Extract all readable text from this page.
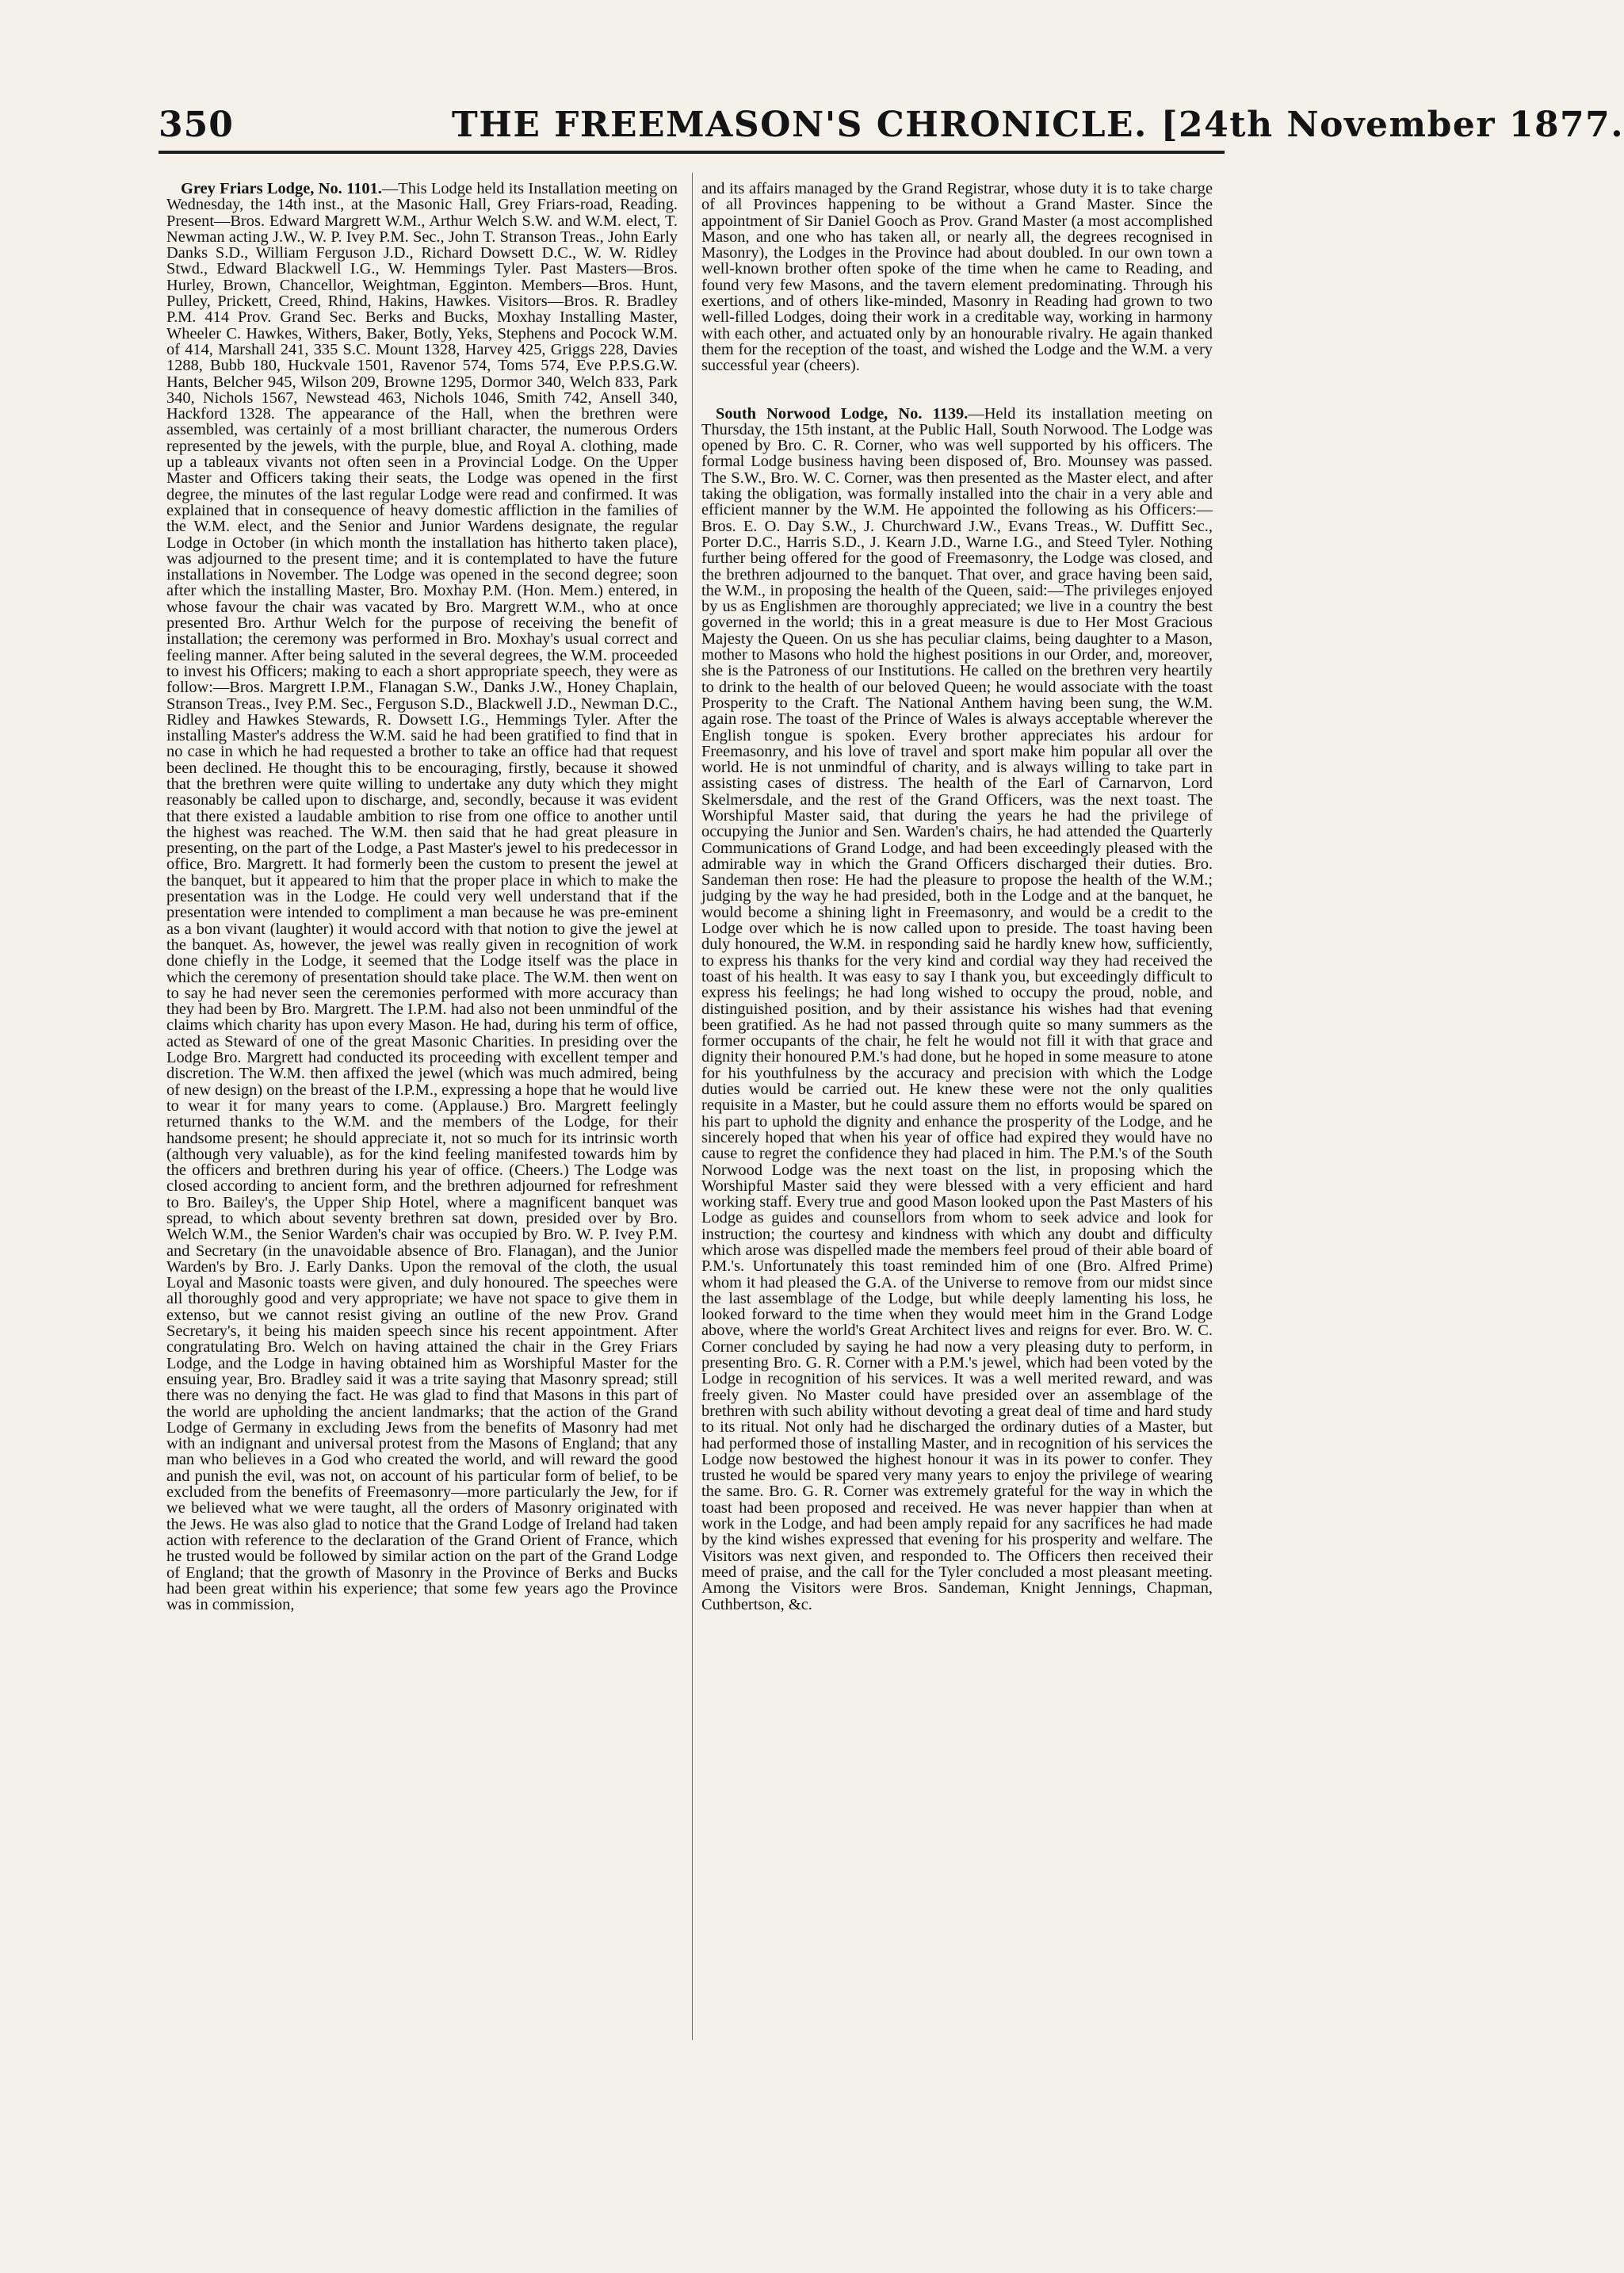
350	THE FREEMASON'S CHRONICLE. [24th November 1877.

Grey Friars Lodge, No. 1101.—This Lodge held its Installation meeting on Wednesday, the 14th inst., at the Masonic Hall, Grey Friars-road, Reading. Present—Bros. Edward Margrett W.M., Arthur Welch S.W. and W.M. elect, T. Newman acting J.W., W. P. Ivey P.M. Sec., John T. Stranson Treas., John Early Danks S.D., William Ferguson J.D., Richard Dowsett D.C., W. W. Ridley Stwd., Edward Blackwell I.G., W. Hemmings Tyler. Past Masters—Bros. Hurley, Brown, Chancellor, Weightman, Egginton. Members—Bros. Hunt, Pulley, Prickett, Creed, Rhind, Hakins, Hawkes. Visitors—Bros. R. Bradley P.M. 414 Prov. Grand Sec. Berks and Bucks, Moxhay Installing Master, Wheeler C. Hawkes, Withers, Baker, Botly, Yeks, Stephens and Pocock W.M. of 414, Marshall 241, 335 S.C. Mount 1328, Harvey 425, Griggs 228, Davies 1288, Bubb 180, Huckvale 1501, Ravenor 574, Toms 574, Eve P.P.S.G.W. Hants, Belcher 945, Wilson 209, Browne 1295, Dormor 340, Welch 833, Park 340, Nichols 1567, Newstead 463, Nichols 1046, Smith 742, Ansell 340, Hackford 1328. The appearance of the Hall, when the brethren were assembled, was certainly of a most brilliant character, the numerous Orders represented by the jewels, with the purple, blue, and Royal A. clothing, made up a tableaux vivants not often seen in a Provincial Lodge. On the Upper Master and Officers taking their seats, the Lodge was opened in the first degree, the minutes of the last regular Lodge were read and confirmed. It was explained that in consequence of heavy domestic affliction in the families of the W.M. elect, and the Senior and Junior Wardens designate, the regular Lodge in October (in which month the installation has hitherto taken place), was adjourned to the present time; and it is contemplated to have the future installations in November. The Lodge was opened in the second degree; soon after which the installing Master, Bro. Moxhay P.M. (Hon. Mem.) entered, in whose favour the chair was vacated by Bro. Margrett W.M., who at once presented Bro. Arthur Welch for the purpose of receiving the benefit of installation; the ceremony was performed in Bro. Moxhay's usual correct and feeling manner. After being saluted in the several degrees, the W.M. proceeded to invest his Officers; making to each a short appropriate speech, they were as follow:—Bros. Margrett I.P.M., Flanagan S.W., Danks J.W., Honey Chaplain, Stranson Treas., Ivey P.M. Sec., Ferguson S.D., Blackwell J.D., Newman D.C., Ridley and Hawkes Stewards, R. Dowsett I.G., Hemmings Tyler. After the installing Master's address the W.M. said he had been gratified to find that in no case in which he had requested a brother to take an office had that request been declined. He thought this to be encouraging, firstly, because it showed that the brethren were quite willing to undertake any duty which they might reasonably be called upon to discharge, and, secondly, because it was evident that there existed a laudable ambition to rise from one office to another until the highest was reached. The W.M. then said that he had great pleasure in presenting, on the part of the Lodge, a Past Master's jewel to his predecessor in office, Bro. Margrett. It had formerly been the custom to present the jewel at the banquet, but it appeared to him that the proper place in which to make the presentation was in the Lodge. He could very well understand that if the presentation were intended to compliment a man because he was pre-eminent as a bon vivant (laughter) it would accord with that notion to give the jewel at the banquet. As, however, the jewel was really given in recognition of work done chiefly in the Lodge, it seemed that the Lodge itself was the place in which the ceremony of presentation should take place. The W.M. then went on to say he had never seen the ceremonies performed with more accuracy than they had been by Bro. Margrett. The I.P.M. had also not been unmindful of the claims which charity has upon every Mason. He had, during his term of office, acted as Steward of one of the great Masonic Charities. In presiding over the Lodge Bro. Margrett had conducted its proceeding with excellent temper and discretion. The W.M. then affixed the jewel (which was much admired, being of new design) on the breast of the I.P.M., expressing a hope that he would live to wear it for many years to come. (Applause.) Bro. Margrett feelingly returned thanks to the W.M. and the members of the Lodge, for their handsome present; he should appreciate it, not so much for its intrinsic worth (although very valuable), as for the kind feeling manifested towards him by the officers and brethren during his year of office. (Cheers.) The Lodge was closed according to ancient form, and the brethren adjourned for refreshment to Bro. Bailey's, the Upper Ship Hotel, where a magnificent banquet was spread, to which about seventy brethren sat down, presided over by Bro. Welch W.M., the Senior Warden's chair was occupied by Bro. W. P. Ivey P.M. and Secretary (in the unavoidable absence of Bro. Flanagan), and the Junior Warden's by Bro. J. Early Danks. Upon the removal of the cloth, the usual Loyal and Masonic toasts were given, and duly honoured. The speeches were all thoroughly good and very appropriate; we have not space to give them in extenso, but we cannot resist giving an outline of the new Prov. Grand Secretary's, it being his maiden speech since his recent appointment. After congratulating Bro. Welch on having attained the chair in the Grey Friars Lodge, and the Lodge in having obtained him as Worshipful Master for the ensuing year, Bro. Bradley said it was a trite saying that Masonry spread; still there was no denying the fact. He was glad to find that Masons in this part of the world are upholding the ancient landmarks; that the action of the Grand Lodge of Germany in excluding Jews from the benefits of Masonry had met with an indignant and universal protest from the Masons of England; that any man who believes in a God who created the world, and will reward the good and punish the evil, was not, on account of his particular form of belief, to be excluded from the benefits of Freemasonry—more particularly the Jew, for if we believed what we were taught, all the orders of Masonry originated with the Jews. He was also glad to notice that the Grand Lodge of Ireland had taken action with reference to the declaration of the Grand Orient of France, which he trusted would be followed by similar action on the part of the Grand Lodge of England; that the growth of Masonry in the Province of Berks and Bucks had been great within his experience; that some few years ago the Province was in commission,

and its affairs managed by the Grand Registrar, whose duty it is to take charge of all Provinces happening to be without a Grand Master. Since the appointment of Sir Daniel Gooch as Prov. Grand Master (a most accomplished Mason, and one who has taken all, or nearly all, the degrees recognised in Masonry), the Lodges in the Province had about doubled. In our own town a well-known brother often spoke of the time when he came to Reading, and found very few Masons, and the tavern element predominating. Through his exertions, and of others like-minded, Masonry in Reading had grown to two well-filled Lodges, doing their work in a creditable way, working in harmony with each other, and actuated only by an honourable rivalry. He again thanked them for the reception of the toast, and wished the Lodge and the W.M. a very successful year (cheers).

South Norwood Lodge, No. 1139.—Held its installation meeting on Thursday, the 15th instant, at the Public Hall, South Norwood. The Lodge was opened by Bro. C. R. Corner, who was well supported by his officers. The formal Lodge business having been disposed of, Bro. Mounsey was passed. The S.W., Bro. W. C. Corner, was then presented as the Master elect, and after taking the obligation, was formally installed into the chair in a very able and efficient manner by the W.M. He appointed the following as his Officers:—Bros. E. O. Day S.W., J. Churchward J.W., Evans Treas., W. Duffitt Sec., Porter D.C., Harris S.D., J. Kearn J.D., Warne I.G., and Steed Tyler. Nothing further being offered for the good of Freemasonry, the Lodge was closed, and the brethren adjourned to the banquet. That over, and grace having been said, the W.M., in proposing the health of the Queen, said:—The privileges enjoyed by us as Englishmen are thoroughly appreciated; we live in a country the best governed in the world; this in a great measure is due to Her Most Gracious Majesty the Queen. On us she has peculiar claims, being daughter to a Mason, mother to Masons who hold the highest positions in our Order, and, moreover, she is the Patroness of our Institutions. He called on the brethren very heartily to drink to the health of our beloved Queen; he would associate with the toast Prosperity to the Craft. The National Anthem having been sung, the W.M. again rose. The toast of the Prince of Wales is always acceptable wherever the English tongue is spoken. Every brother appreciates his ardour for Freemasonry, and his love of travel and sport make him popular all over the world. He is not unmindful of charity, and is always willing to take part in assisting cases of distress. The health of the Earl of Carnarvon, Lord Skelmersdale, and the rest of the Grand Officers, was the next toast. The Worshipful Master said, that during the years he had the privilege of occupying the Junior and Sen. Warden's chairs, he had attended the Quarterly Communications of Grand Lodge, and had been exceedingly pleased with the admirable way in which the Grand Officers discharged their duties. Bro. Sandeman then rose: He had the pleasure to propose the health of the W.M.; judging by the way he had presided, both in the Lodge and at the banquet, he would become a shining light in Freemasonry, and would be a credit to the Lodge over which he is now called upon to preside. The toast having been duly honoured, the W.M. in responding said he hardly knew how, sufficiently, to express his thanks for the very kind and cordial way they had received the toast of his health. It was easy to say I thank you, but exceedingly difficult to express his feelings; he had long wished to occupy the proud, noble, and distinguished position, and by their assistance his wishes had that evening been gratified. As he had not passed through quite so many summers as the former occupants of the chair, he felt he would not fill it with that grace and dignity their honoured P.M.'s had done, but he hoped in some measure to atone for his youthfulness by the accuracy and precision with which the Lodge duties would be carried out. He knew these were not the only qualities requisite in a Master, but he could assure them no efforts would be spared on his part to uphold the dignity and enhance the prosperity of the Lodge, and he sincerely hoped that when his year of office had expired they would have no cause to regret the confidence they had placed in him. The P.M.'s of the South Norwood Lodge was the next toast on the list, in proposing which the Worshipful Master said they were blessed with a very efficient and hard working staff. Every true and good Mason looked upon the Past Masters of his Lodge as guides and counsellors from whom to seek advice and look for instruction; the courtesy and kindness with which any doubt and difficulty which arose was dispelled made the members feel proud of their able board of P.M.'s. Unfortunately this toast reminded him of one (Bro. Alfred Prime) whom it had pleased the G.A. of the Universe to remove from our midst since the last assemblage of the Lodge, but while deeply lamenting his loss, he looked forward to the time when they would meet him in the Grand Lodge above, where the world's Great Architect lives and reigns for ever. Bro. W. C. Corner concluded by saying he had now a very pleasing duty to perform, in presenting Bro. G. R. Corner with a P.M.'s jewel, which had been voted by the Lodge in recognition of his services. It was a well merited reward, and was freely given. No Master could have presided over an assemblage of the brethren with such ability without devoting a great deal of time and hard study to its ritual. Not only had he discharged the ordinary duties of a Master, but had performed those of installing Master, and in recognition of his services the Lodge now bestowed the highest honour it was in its power to confer. They trusted he would be spared very many years to enjoy the privilege of wearing the same. Bro. G. R. Corner was extremely grateful for the way in which the toast had been proposed and received. He was never happier than when at work in the Lodge, and had been amply repaid for any sacrifices he had made by the kind wishes expressed that evening for his prosperity and welfare. The Visitors was next given, and responded to. The Officers then received their meed of praise, and the call for the Tyler concluded a most pleasant meeting. Among the Visitors were Bros. Sandeman, Knight Jennings, Chapman, Cuthbertson, &c.
